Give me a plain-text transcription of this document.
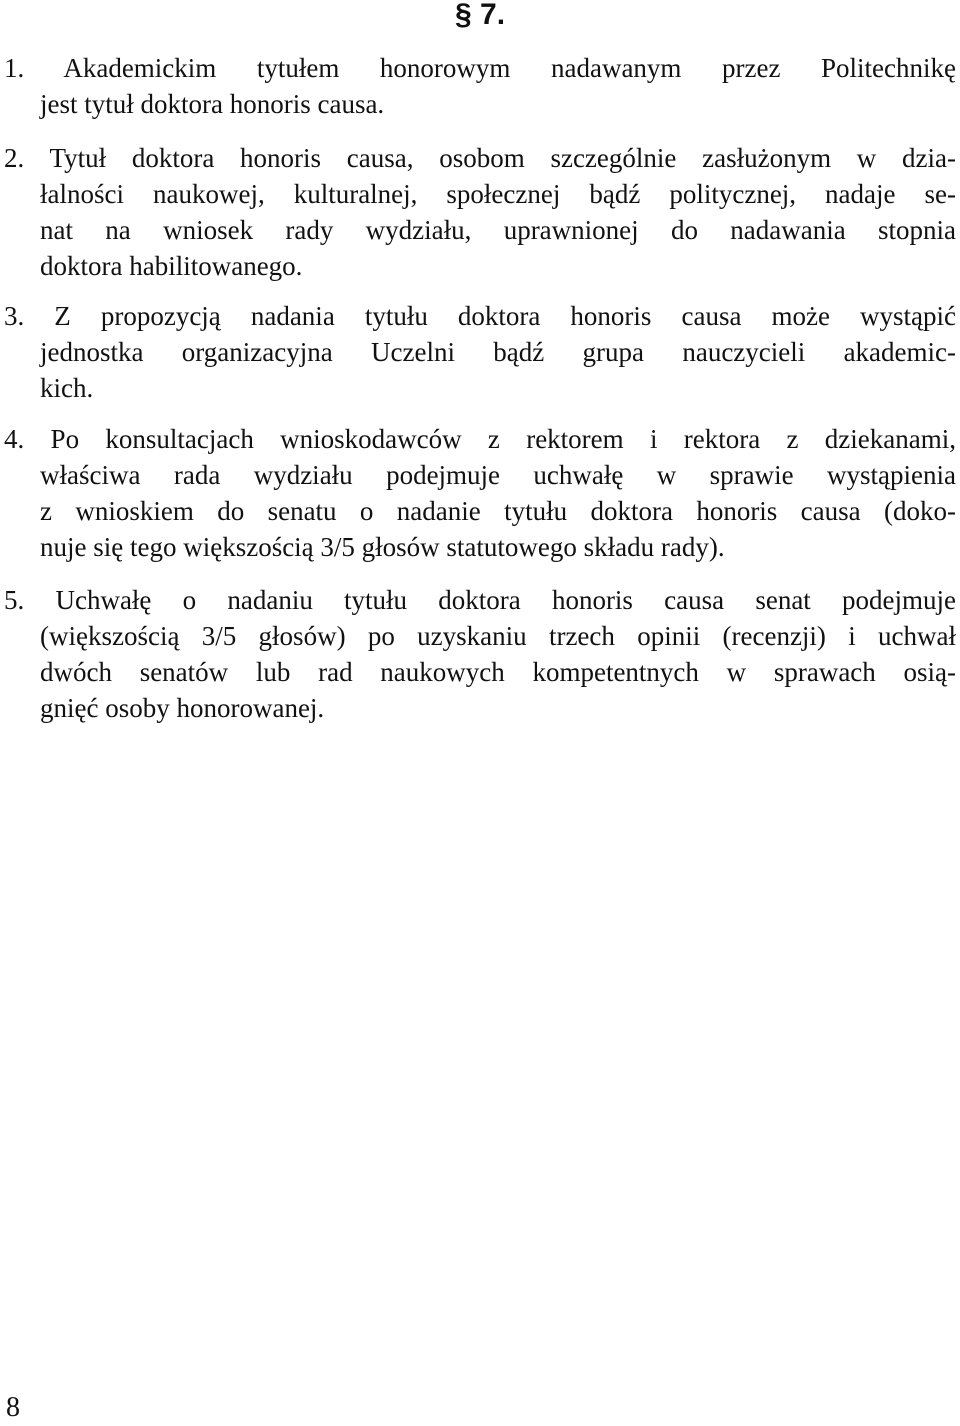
§ 7.
1. Akademickim tytułem honorowym nadawanym przez Politechnikę
jest tytuł doktora honoris causa.
2. Tytuł doktora honoris causa, osobom szczególnie zasłużonym w dzia-
łalności naukowej, kulturalnej, społecznej bądź politycznej, nadaje se-
nat na wniosek rady wydziału, uprawnionej do nadawania stopnia
doktora habilitowanego.
3. Z propozycją nadania tytułu doktora honoris causa może wystąpić
jednostka organizacyjna Uczelni bądź grupa nauczycieli akademic-
kich.
4. Po konsultacjach wnioskodawców z rektorem i rektora z dziekanami,
właściwa rada wydziału podejmuje uchwałę w sprawie wystąpienia
z wnioskiem do senatu o nadanie tytułu doktora honoris causa (doko-
nuje się tego większością 3/5 głosów statutowego składu rady).
5. Uchwałę o nadaniu tytułu doktora honoris causa senat podejmuje
(większością 3/5 głosów) po uzyskaniu trzech opinii (recenzji) i uchwał
dwóch senatów lub rad naukowych kompetentnych w sprawach osią-
gnięć osoby honorowanej.
8
